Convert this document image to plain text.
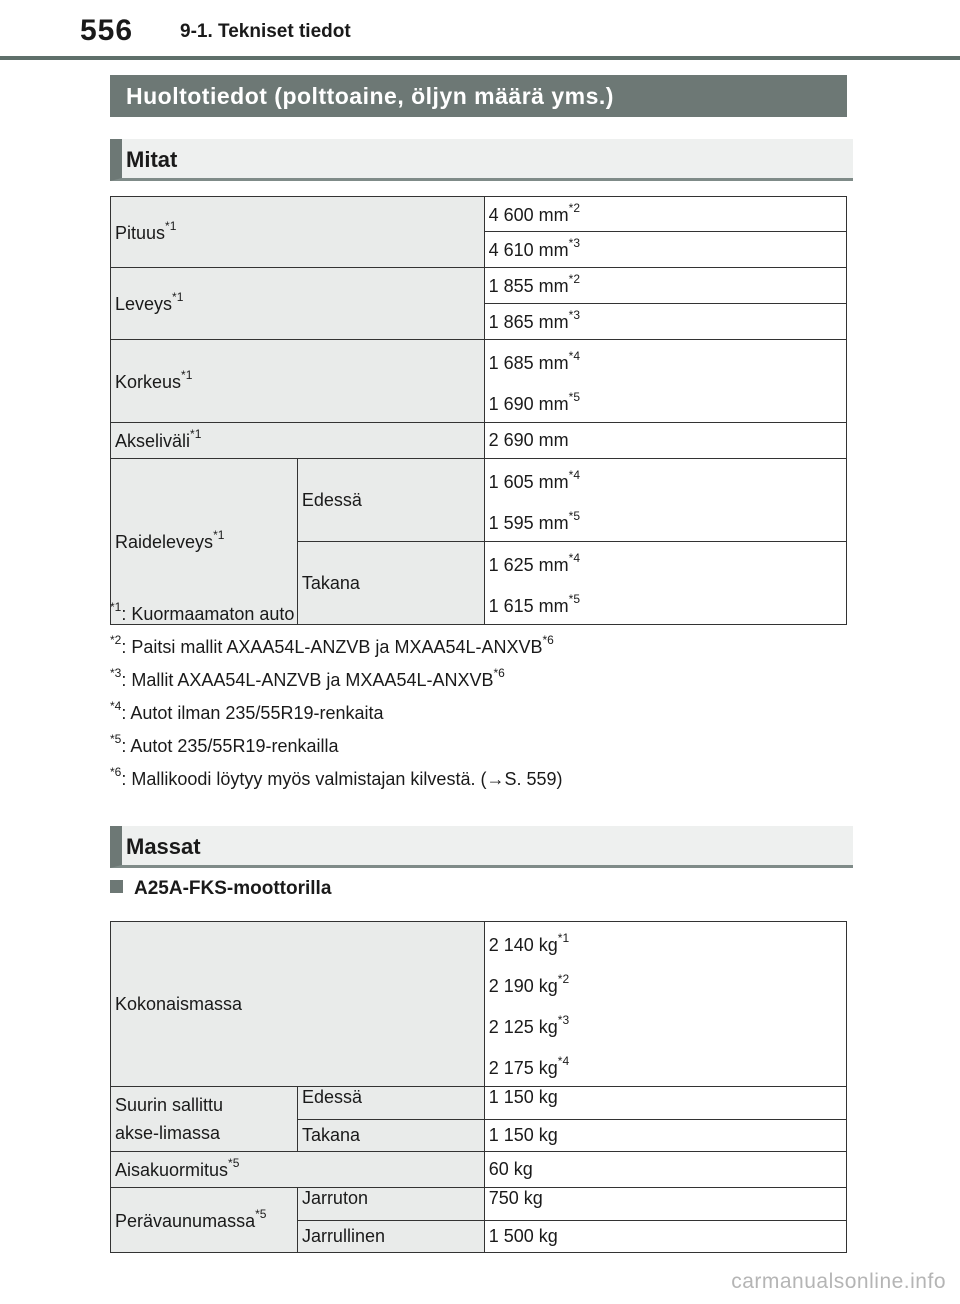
556 9-1. Tekniset tiedot
Huoltotiedot (polttoaine, öljyn määrä yms.)
Mitat
Pituus$^{*1}$		4 600 $mm^{*2}$
		4 610 $mm^{*3}$
Leveys$^{*1}$		1 855 $mm^{*2}$
		1 865 $mm^{*3}$
Korkeus$^{*1}$		1 685 $mm^{*4}$
1 690 $mm^{*5}$

Akseliväli$^{*1}$		2 690 mm
Raideleveys$^{*1}$	Edessä	1 605 $mm^{*4}$
1 595 $mm^{*5}$

	Takana	1 625 $mm^{*4}$
1 615 $mm^{*5}$
$^{*1}$: Kuormaamaton auto
$^{*2}$: Paitsi mallit AXAA54L-ANZVB ja MXAA54L-ANXVB$^{*6}$
$^{*3}$: Mallit AXAA54L-ANZVB ja MXAA54L-ANXVB$^{*6}$
$^{*4}$: Autot ilman 235/55R19-renkaita
$^{*5}$: Autot 235/55R19-renkailla
$^{*6}$: Mallikoodi löytyy myös valmistajan kilvestä. (→S. 559)
Massat
A25A-FKS-moottorilla
Kokonaismassa		2 140 $kg^{*1}$
2 190 $kg^{*2}$
2 125 $kg^{*3}$
2 175 $kg^{*4}$

Suurin sallittu akse-limassa	Edessä	1 150 kg
	Takana	1 150 kg
Aisakuormitus$^{*5}$		60 kg
Perävaunumassa$^{*5}$	Jarruton	750 kg
	Jarrullinen	1 500 kg
carmanualsonline.info
